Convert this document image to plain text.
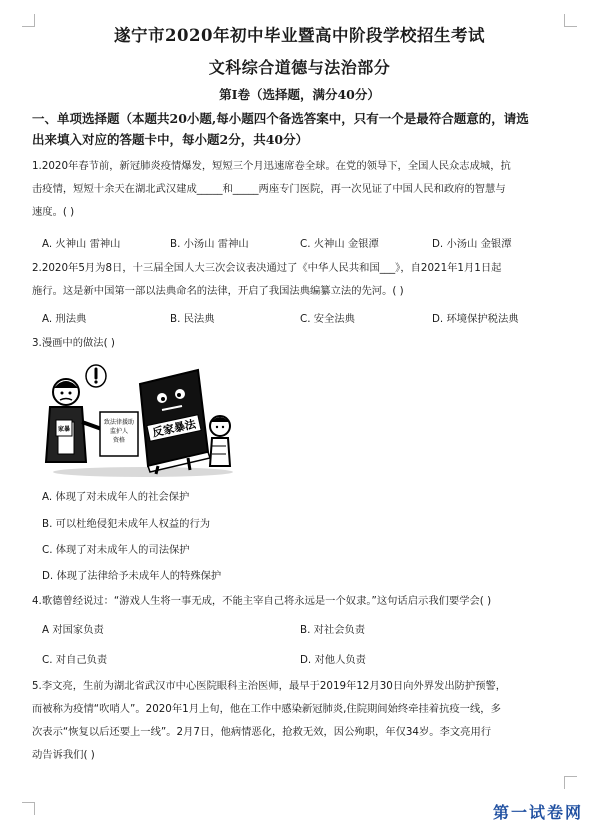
遂宁市2020年初中毕业暨高中阶段学校招生考试
文科综合道德与法治部分
第I卷（选择题，满分40分）
一、单项选择题（本题共20小题,每小题四个备选答案中，只有一个是最符合题意的，请选
出来填入对应的答题卡中，每小题2分，共40分）
1.2020年春节前，新冠肺炎疫情爆发，短短三个月迅速席卷全球。在党的领导下，全国人民众志成城，抗
击疫情，短短十余天在湖北武汉建成_____和_____两座专门医院，再一次见证了中国人民和政府的智慧与
速度。( )
A. 火神山 雷神山	B. 小汤山 雷神山	C. 火神山 金银潭	D. 小汤山 金银潭
2.2020年5月为8日，十三届全国人大三次会议表决通过了《中华人民共和国___》，自2021年1月1日起
施行。这是新中国第一部以法典命名的法律，开启了我国法典编纂立法的先河。( )
A. 刑法典	B. 民法典	C. 安全法典	D. 环境保护税法典
3.漫画中的做法( )
家暴
致法律援助
监护人
资格
反家暴法
A. 体现了对未成年人的社会保护
B. 可以杜绝侵犯未成年人权益的行为
C. 体现了对未成年人的司法保护
D. 体现了法律给予未成年人的特殊保护
4.歌德曾经说过：“游戏人生将一事无成，不能主宰自己将永远是一个奴隶。”这句话启示我们要学会( )
A 对国家负责	B. 对社会负责
C. 对自己负责	D. 对他人负责
5.李文亮，生前为湖北省武汉市中心医院眼科主治医师，最早于2019年12月30日向外界发出防护预警，
而被称为疫情“吹哨人”。2020年1月上旬，他在工作中感染新冠肺炎,住院期间始终牵挂着抗疫一线，多
次表示“恢复以后还要上一线”。2月7日，他病情恶化，抢救无效，因公殉职，年仅34岁。李文亮用行
动告诉我们( )
第一试卷网
